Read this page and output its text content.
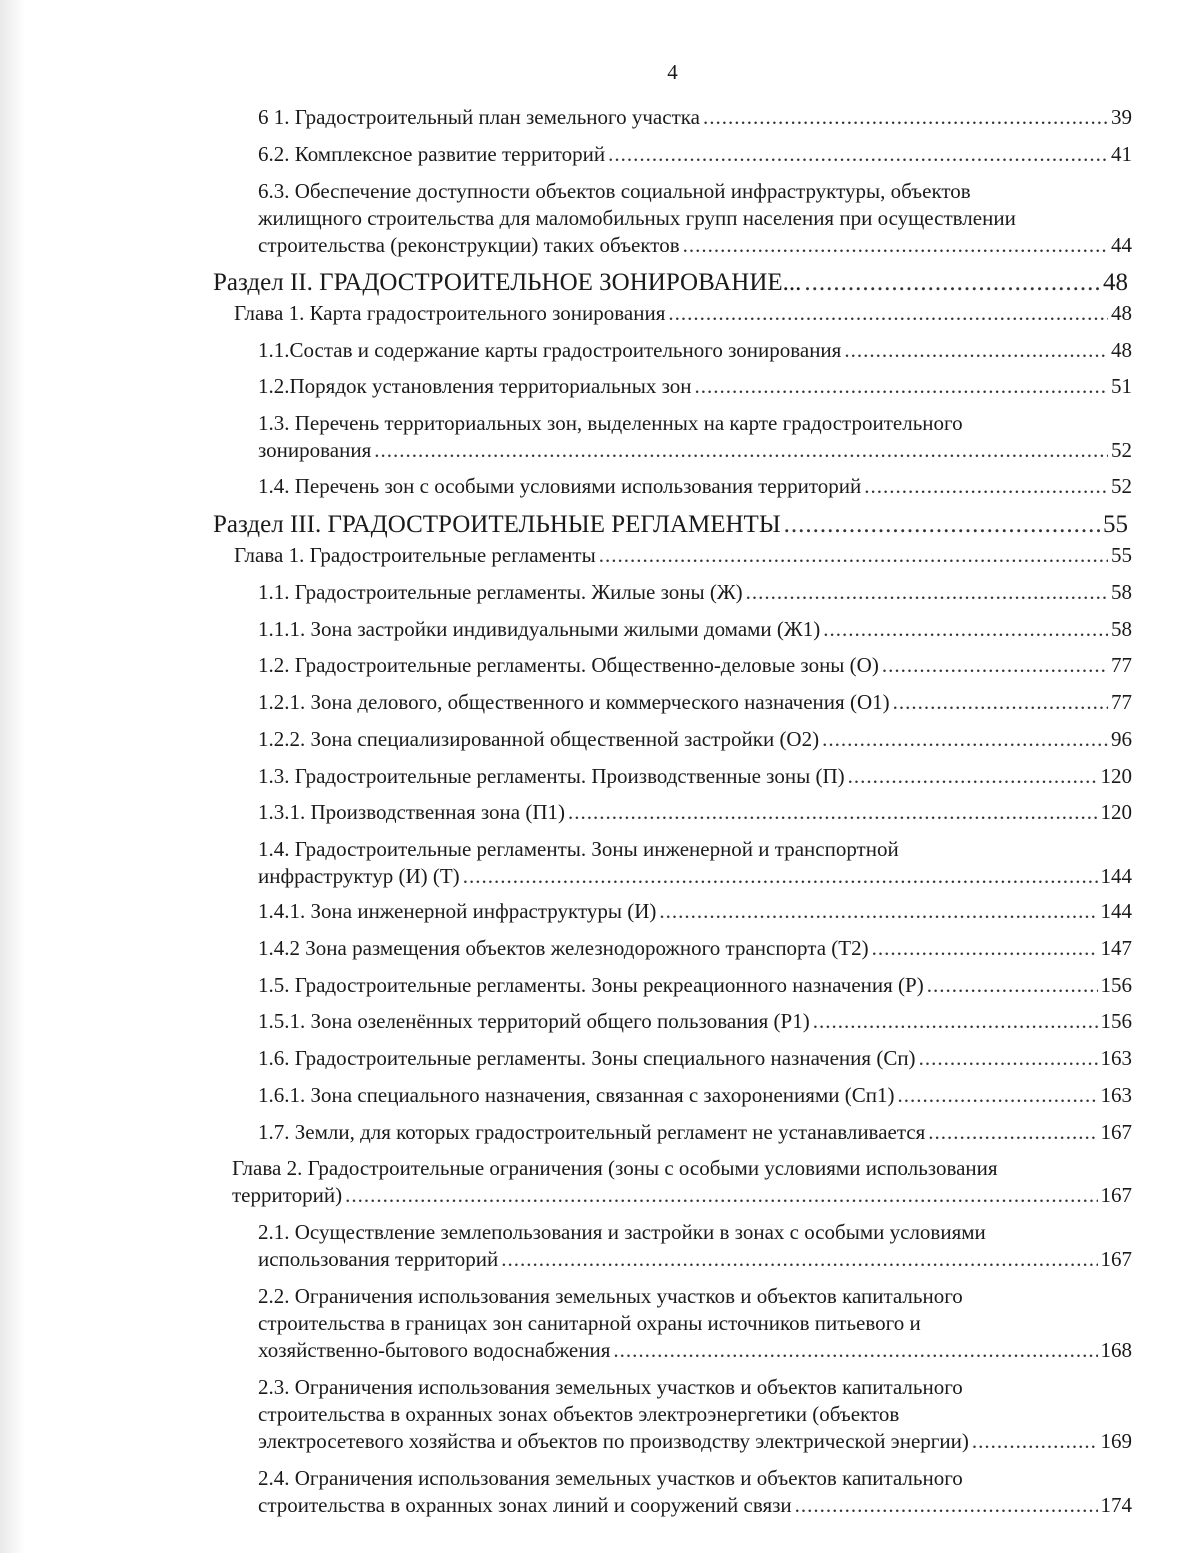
4
6 1. Градостроительный план земельного участка .....	39
6.2. Комплексное развитие территорий .....	41
6.3. Обеспечение доступности объектов социальной инфраструктуры, объектов
жилищного строительства для маломобильных групп населения при осуществлении
строительства (реконструкции) таких объектов .....	44
Раздел II. ГРАДОСТРОИТЕЛЬНОЕ ЗОНИРОВАНИЕ... .....	48
Глава 1. Карта градостроительного зонирования .....	48
1.1. Состав и содержание карты градостроительного зонирования .....	48
1.2. Порядок установления территориальных зон .....	51
1.3. Перечень территориальных зон, выделенных на карте градостроительного
зонирования .....	52
1.4. Перечень зон с особыми условиями использования территорий .....	52
Раздел III. ГРАДОСТРОИТЕЛЬНЫЕ РЕГЛАМЕНТЫ .....	55
Глава 1. Градостроительные регламенты .....	55
1.1. Градостроительные регламенты. Жилые зоны (Ж) .....	58
1.1.1. Зона застройки индивидуальными жилыми домами (Ж1) .....	58
1.2. Градостроительные регламенты. Общественно-деловые зоны (О) .....	77
1.2.1. Зона делового, общественного и коммерческого назначения (О1) .....	77
1.2.2. Зона специализированной общественной застройки (О2) .....	96
1.3. Градостроительные регламенты. Производственные зоны (П) .....	120
1.3.1. Производственная зона (П1) .....	120
1.4. Градостроительные регламенты. Зоны инженерной и транспортной
инфраструктур (И) (Т) .....	144
1.4.1. Зона инженерной инфраструктуры (И) .....	144
1.4.2 Зона размещения объектов железнодорожного транспорта (Т2) .....	147
1.5. Градостроительные регламенты. Зоны рекреационного назначения (Р) .....	156
1.5.1. Зона озеленённых территорий общего пользования (Р1) .....	156
1.6. Градостроительные регламенты. Зоны специального назначения (Сп) .....	163
1.6.1. Зона специального назначения, связанная с захоронениями (Сп1) .....	163
1.7. Земли, для которых градостроительный регламент не устанавливается .....	167
Глава 2. Градостроительные ограничения (зоны с особыми условиями использования
территорий) .....	167
2.1. Осуществление землепользования и застройки в зонах с особыми условиями
использования территорий .....	167
2.2. Ограничения использования земельных участков и объектов капитального
строительства в границах зон санитарной охраны источников питьевого и
хозяйственно-бытового водоснабжения .....	168
2.3. Ограничения использования земельных участков и объектов капитального
строительства в охранных зонах объектов электроэнергетики (объектов
электросетевого хозяйства и объектов по производству электрической энергии) .....	169
2.4. Ограничения использования земельных участков и объектов капитального
строительства в охранных зонах линий и сооружений связи .....	174
